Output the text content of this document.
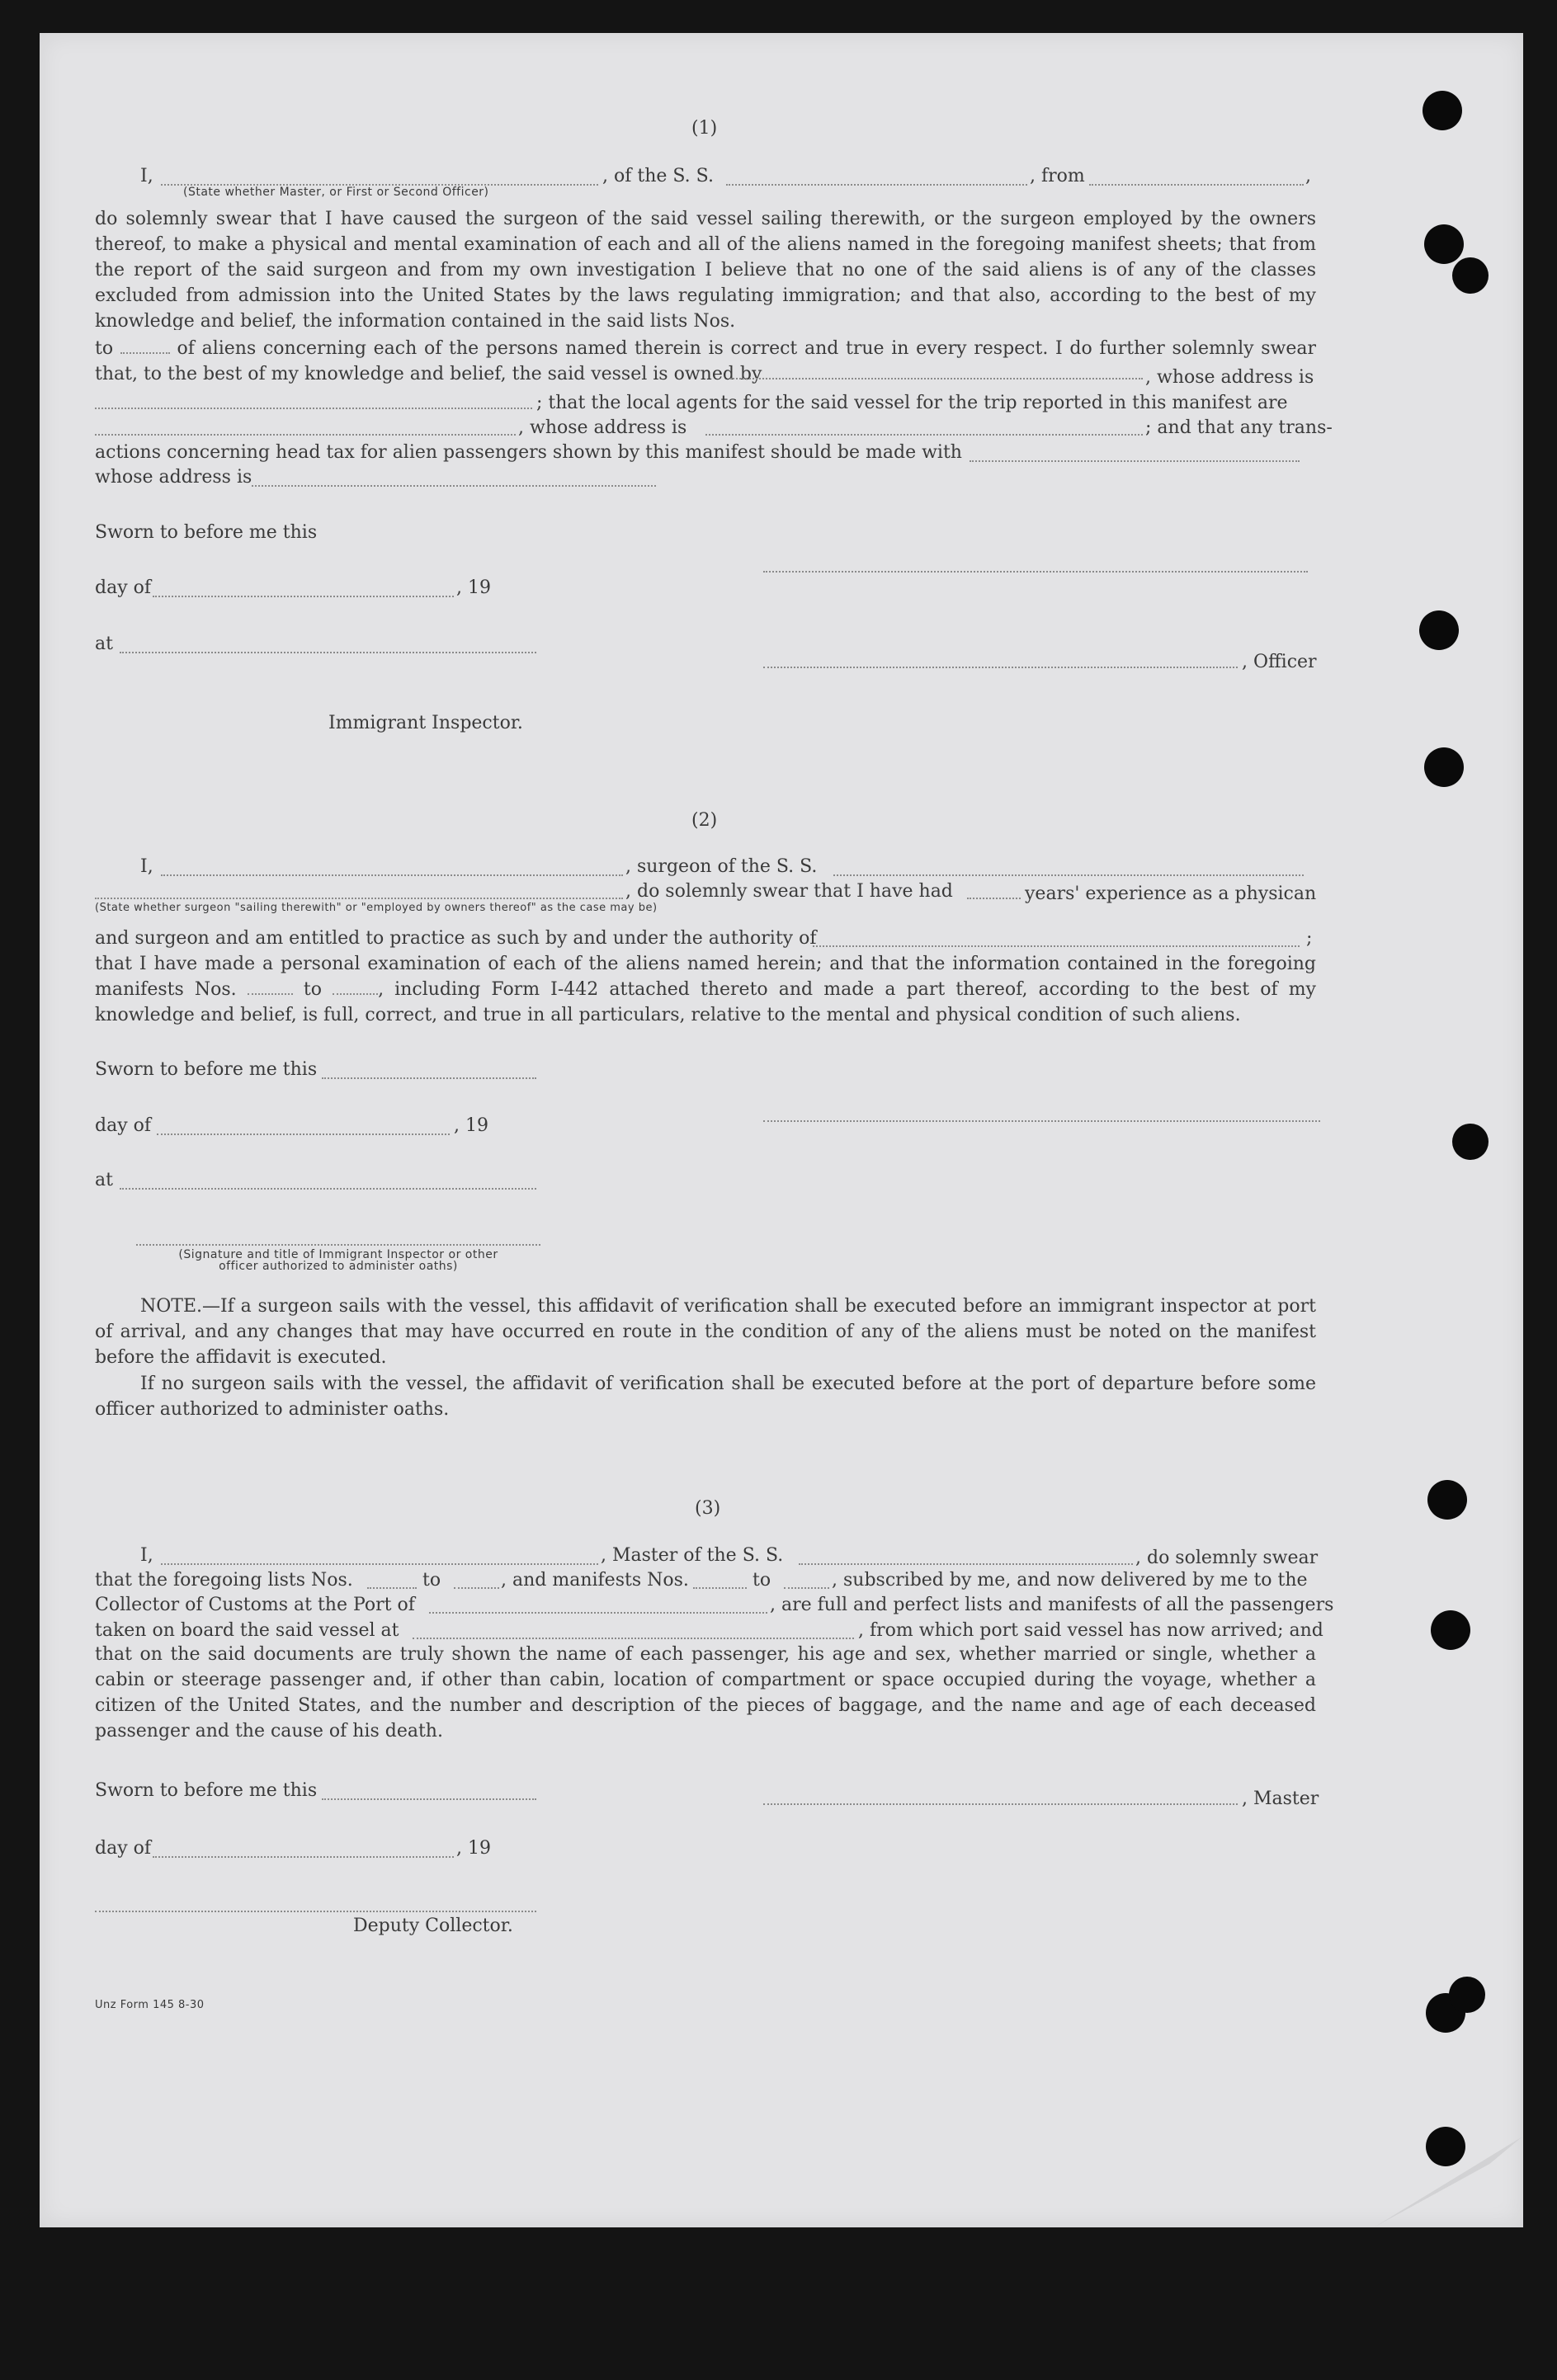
(1)
I,	, of the S. S.	, from	,
(State whether Master, or First or Second Officer)
do solemnly swear that I have caused the surgeon of the said vessel sailing therewith, or the surgeon employed by the owners thereof, to make a physical and mental examination of each and all of the aliens named in the foregoing manifest sheets; that from the report of the said surgeon and from my own investigation I believe that no one of the said aliens is of any of the classes excluded from admission into the United States by the laws regulating immigration; and that also, according to the best of my knowledge and belief, the information contained in the said lists Nos.
to	of aliens concerning each of the persons named therein is correct and true in every respect. I do further solemnly swear that, to the best of my knowledge and belief, the said vessel is owned by	, whose address is
; that the local agents for the said vessel for the trip reported in this manifest are
, whose address is	; and that any trans-
actions concerning head tax for alien passengers shown by this manifest should be made with
whose address is
Sworn to before me this
day of	, 19
at
, Officer
Immigrant Inspector.
(2)
I,	, surgeon of the S. S.
, do solemnly swear that I have had	years' experience as a physican
(State whether surgeon "sailing therewith" or "employed by owners thereof" as the case may be)
and surgeon and am entitled to practice as such by and under the authority of	;
that I have made a personal examination of each of the aliens named herein; and that the information contained in the foregoing manifests Nos.	to	, including Form I-442 attached thereto and made a part thereof, according to the best of my knowledge and belief, is full, correct, and true in all particulars, relative to the mental and physical condition of such aliens.
Sworn to before me this
day of	, 19
at
(Signature and title of Immigrant Inspector or other
officer authorized to administer oaths)
NOTE.—If a surgeon sails with the vessel, this affidavit of verification shall be executed before an immigrant inspector at port of arrival, and any changes that may have occurred en route in the condition of any of the aliens must be noted on the manifest before the affidavit is executed.
If no surgeon sails with the vessel, the affidavit of verification shall be executed before at the port of departure before some officer authorized to administer oaths.
(3)
I,	, Master of the S. S.	, do solemnly swear
that the foregoing lists Nos.	to	, and manifests Nos.	to	, subscribed by me, and now delivered by me to the
Collector of Customs at the Port of	, are full and perfect lists and manifests of all the passengers
taken on board the said vessel at	, from which port said vessel has now arrived; and
that on the said documents are truly shown the name of each passenger, his age and sex, whether married or single, whether a cabin or steerage passenger and, if other than cabin, location of compartment or space occupied during the voyage, whether a citizen of the United States, and the number and description of the pieces of baggage, and the name and age of each deceased passenger and the cause of his death.
Sworn to before me this	, Master
day of	, 19
Deputy Collector.
Unz Form 145 8-30
